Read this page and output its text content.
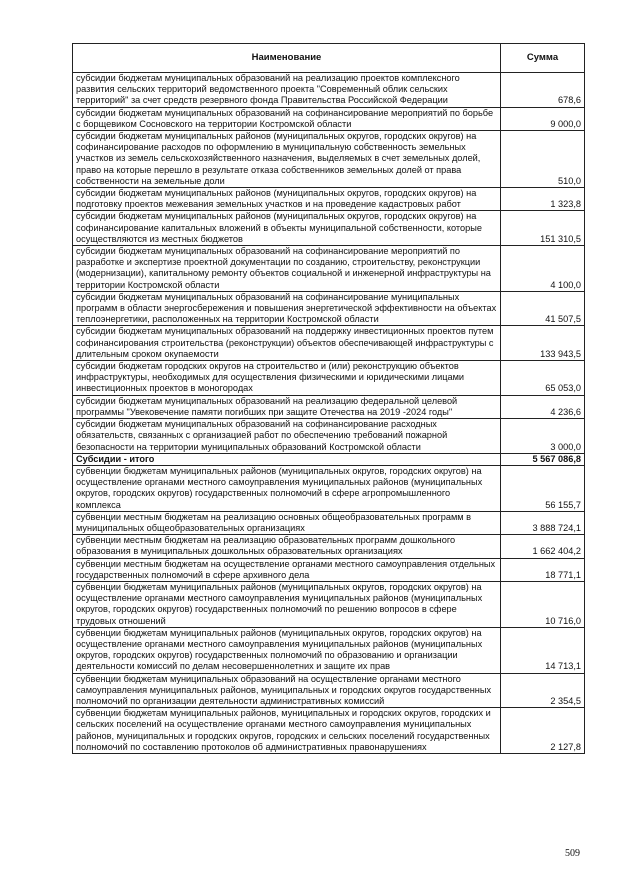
Наименование	Сумма
субсидии бюджетам муниципальных образований на реализацию проектов комплексного развития сельских территорий ведомственного проекта "Современный облик сельских территорий" за счет средств резервного фонда Правительства Российской Федерации	678,6
субсидии бюджетам муниципальных образований на софинансирование мероприятий по борьбе с борщевиком Сосновского на территории Костромской области	9 000,0
субсидии бюджетам муниципальных районов (муниципальных округов, городских округов) на софинансирование расходов по оформлению в муниципальную собственность земельных участков из земель сельскохозяйственного назначения, выделяемых в счет земельных долей, право на которые перешло в результате отказа собственников земельных долей от права собственности на земельные доли	510,0
субсидии бюджетам муниципальных районов (муниципальных округов, городских округов) на подготовку проектов межевания земельных участков и на проведение кадастровых работ	1 323,8
субсидии бюджетам муниципальных районов (муниципальных округов, городских округов) на софинансирование капитальных вложений в объекты муниципальной собственности, которые осуществляются из местных бюджетов	151 310,5
субсидии бюджетам муниципальных образований на софинансирование мероприятий по разработке и экспертизе проектной документации по созданию, строительству, реконструкции (модернизации), капитальному ремонту объектов социальной и инженерной инфраструктуры на территории Костромской области	4 100,0
субсидии бюджетам муниципальных образований на софинансирование муниципальных программ в области энергосбережения и повышения энергетической эффективности на объектах теплоэнергетики, расположенных на территории Костромской области	41 507,5
субсидии бюджетам муниципальных образований на поддержку инвестиционных проектов путем софинансирования строительства (реконструкции) объектов обеспечивающей инфраструктуры с длительным сроком окупаемости	133 943,5
субсидии бюджетам городских округов на строительство и (или) реконструкцию объектов инфраструктуры, необходимых для осуществления физическими и юридическими лицами инвестиционных проектов в моногородах	65 053,0
субсидии бюджетам муниципальных образований на реализацию федеральной целевой программы "Увековечение памяти погибших при защите Отечества на 2019 -2024 годы"	4 236,6
субсидии бюджетам муниципальных образований на софинансирование расходных обязательств, связанных с организацией работ по обеспечению требований пожарной безопасности на территории муниципальных образований Костромской области	3 000,0
Субсидии - итого	5 567 086,8
субвенции бюджетам муниципальных районов (муниципальных округов, городских округов) на осуществление органами местного самоуправления муниципальных районов (муниципальных округов, городских округов) государственных полномочий в сфере агропромышленного комплекса	56 155,7
субвенции местным бюджетам на реализацию основных общеобразовательных программ в муниципальных общеобразовательных организациях	3 888 724,1
субвенции местным бюджетам на реализацию образовательных программ дошкольного образования в муниципальных дошкольных образовательных организациях	1 662 404,2
субвенции местным бюджетам на осуществление органами местного самоуправления отдельных государственных полномочий в сфере архивного дела	18 771,1
субвенции бюджетам муниципальных районов (муниципальных округов, городских округов) на осуществление органами местного самоуправления муниципальных районов (муниципальных округов, городских округов) государственных полномочий по решению вопросов в сфере трудовых отношений	10 716,0
субвенции бюджетам муниципальных районов (муниципальных округов, городских округов) на осуществление органами местного самоуправления муниципальных районов (муниципальных округов, городских округов) государственных полномочий по образованию и организации деятельности комиссий по делам несовершеннолетних и защите их прав	14 713,1
субвенции бюджетам муниципальных образований на осуществление органами местного самоуправления муниципальных районов, муниципальных и городских округов государственных полномочий по организации деятельности административных комиссий	2 354,5
субвенции бюджетам муниципальных районов, муниципальных и городских округов, городских и сельских поселений на осуществление органами местного самоуправления муниципальных районов, муниципальных и городских округов, городских и сельских поселений государственных полномочий по составлению протоколов об административных правонарушениях	2 127,8
509
